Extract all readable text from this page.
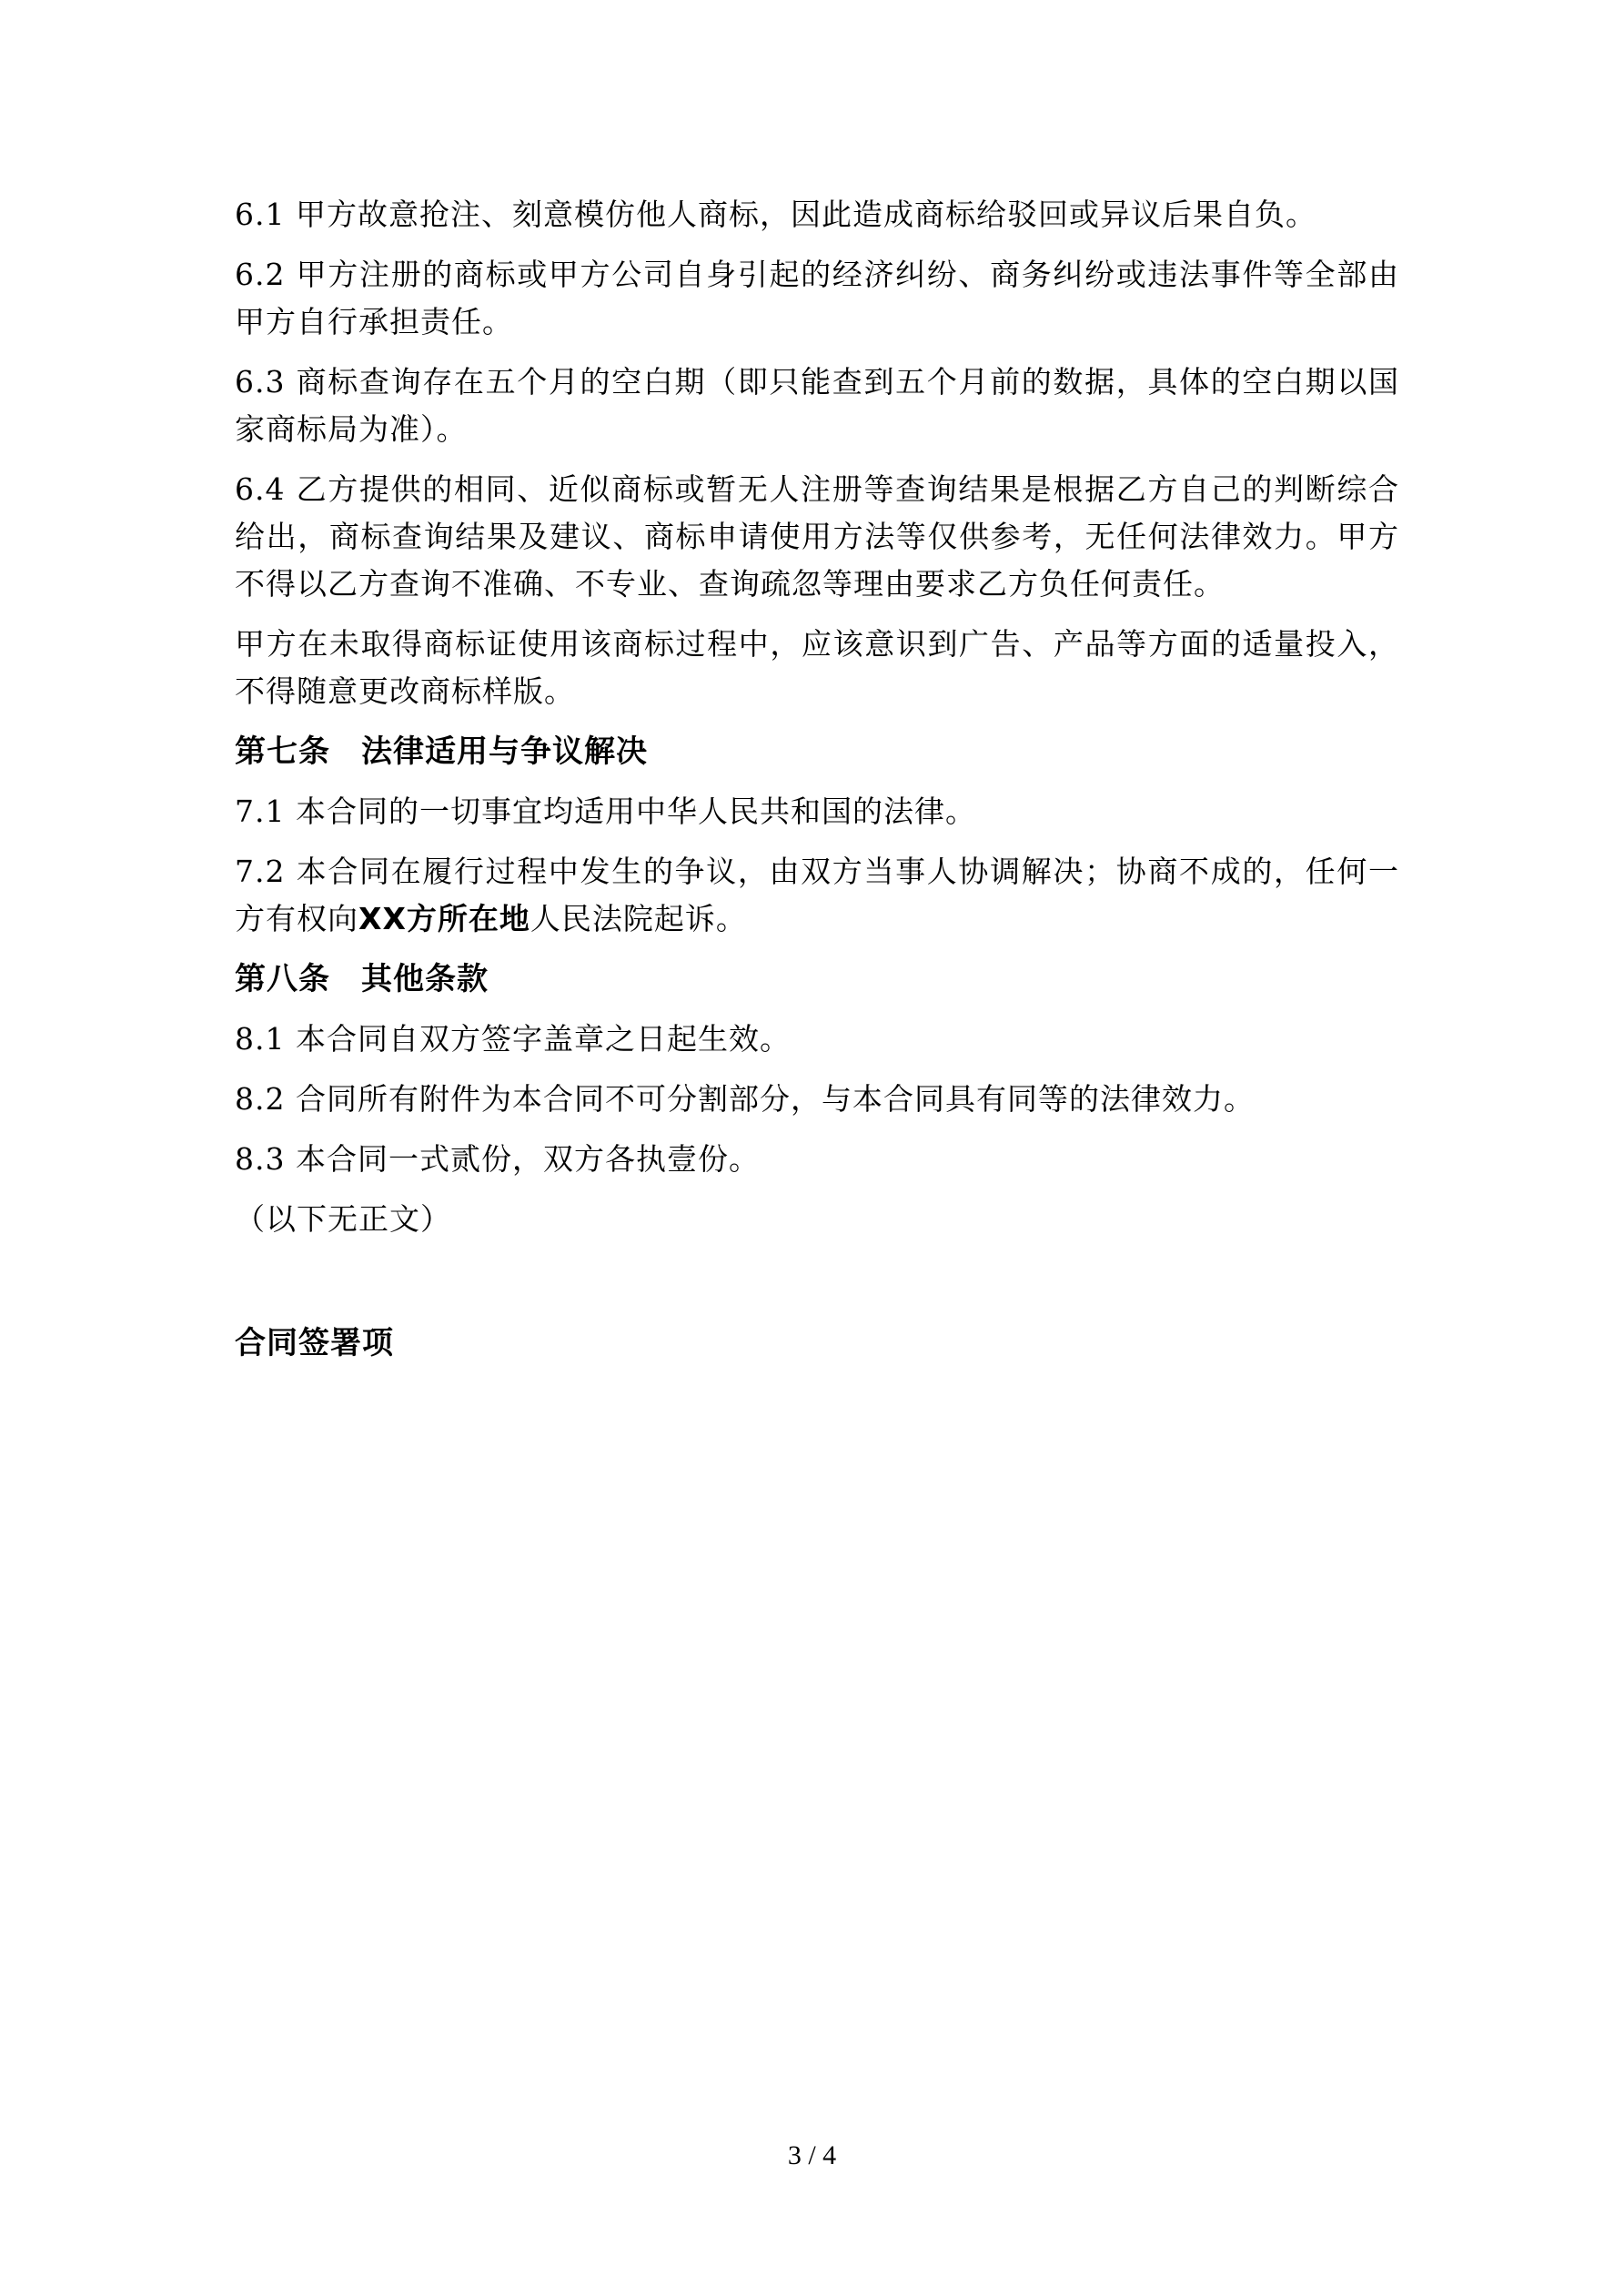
6.1 甲方故意抢注、刻意模仿他人商标，因此造成商标给驳回或异议后果自负。

6.2 甲方注册的商标或甲方公司自身引起的经济纠纷、商务纠纷或违法事件等全部由甲方自行承担责任。

6.3 商标查询存在五个月的空白期（即只能查到五个月前的数据，具体的空白期以国家商标局为准）。

6.4 乙方提供的相同、近似商标或暂无人注册等查询结果是根据乙方自己的判断综合给出，商标查询结果及建议、商标申请使用方法等仅供参考，无任何法律效力。甲方不得以乙方查询不准确、不专业、查询疏忽等理由要求乙方负任何责任。

甲方在未取得商标证使用该商标过程中，应该意识到广告、产品等方面的适量投入，不得随意更改商标样版。

第七条 法律适用与争议解决

7.1 本合同的一切事宜均适用中华人民共和国的法律。

7.2 本合同在履行过程中发生的争议，由双方当事人协调解决；协商不成的，任何一方有权向XX方所在地人民法院起诉。

第八条 其他条款

8.1 本合同自双方签字盖章之日起生效。

8.2 合同所有附件为本合同不可分割部分，与本合同具有同等的法律效力。

8.3 本合同一式贰份，双方各执壹份。

（以下无正文）

合同签署项
3 / 4
